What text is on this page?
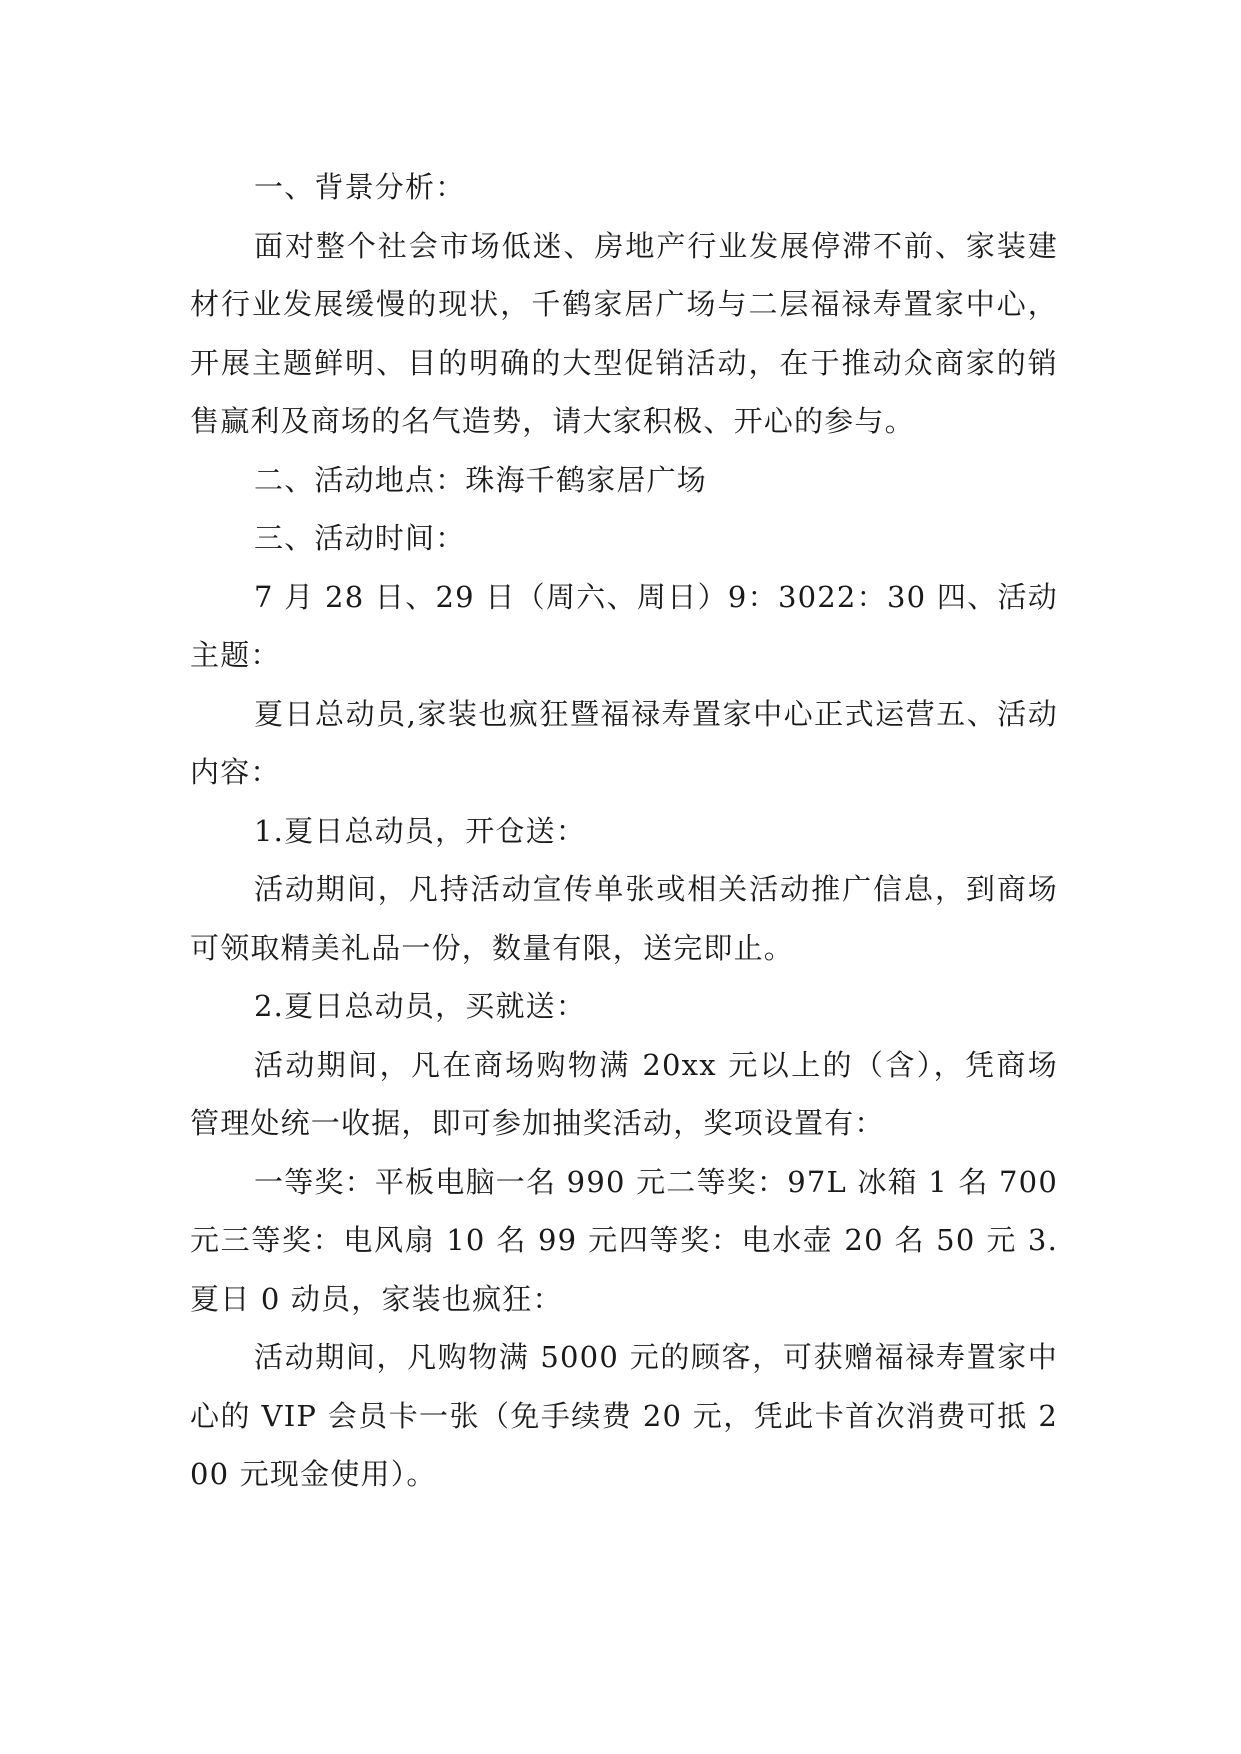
一、背景分析：

面对整个社会市场低迷、房地产行业发展停滞不前、家装建材行业发展缓慢的现状，千鹤家居广场与二层福禄寿置家中心，开展主题鲜明、目的明确的大型促销活动，在于推动众商家的销售赢利及商场的名气造势，请大家积极、开心的参与。

二、活动地点：珠海千鹤家居广场

三、活动时间：

7 月 28 日、29 日（周六、周日）9：3022：30 四、活动主题：

夏日总动员,家装也疯狂暨福禄寿置家中心正式运营五、活动内容：

1.夏日总动员，开仓送：

活动期间，凡持活动宣传单张或相关活动推广信息，到商场可领取精美礼品一份，数量有限，送完即止。

2.夏日总动员，买就送：

活动期间，凡在商场购物满 20xx 元以上的（含），凭商场管理处统一收据，即可参加抽奖活动，奖项设置有：

一等奖：平板电脑一名 990 元二等奖：97L 冰箱 1 名 700 元三等奖：电风扇 10 名 99 元四等奖：电水壶 20 名 50 元 3.夏日 0 动员，家装也疯狂：

活动期间，凡购物满 5000 元的顾客，可获赠福禄寿置家中心的 VIP 会员卡一张（免手续费 20 元，凭此卡首次消费可抵 200 元现金使用）。
